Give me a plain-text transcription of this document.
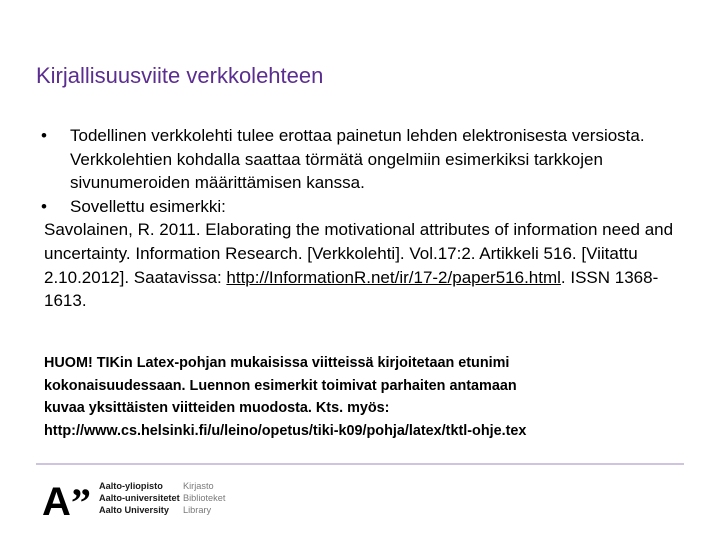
Kirjallisuusviite verkkolehteen
• Todellinen verkkolehti tulee erottaa painetun lehden elektronisesta versiosta. Verkkolehtien kohdalla saattaa törmätä ongelmiin esimerkiksi tarkkojen sivunumeroiden määrittämisen kanssa.
• Sovellettu esimerkki:

Savolainen, R. 2011. Elaborating the motivational attributes of information need and uncertainty. Information Research. [Verkkolehti]. Vol.17:2. Artikkeli 516. [Viitattu 2.10.2012]. Saatavissa: http://InformationR.net/ir/17-2/paper516.html. ISSN 1368-1613.

HUOM! TIKin Latex-pohjan mukaisissa viitteissä kirjoitetaan etunimi
kokonaisuudessaan. Luennon esimerkit toimivat parhaiten antamaan
kuvaa yksittäisten viitteiden muodosta. Kts. myös:
http://www.cs.helsinki.fi/u/leino/opetus/tiki-k09/pohja/latex/tktl-ohje.tex
A ” Aalto-yliopisto Kirjasto
Aalto-universitetet Biblioteket
Aalto University Library
